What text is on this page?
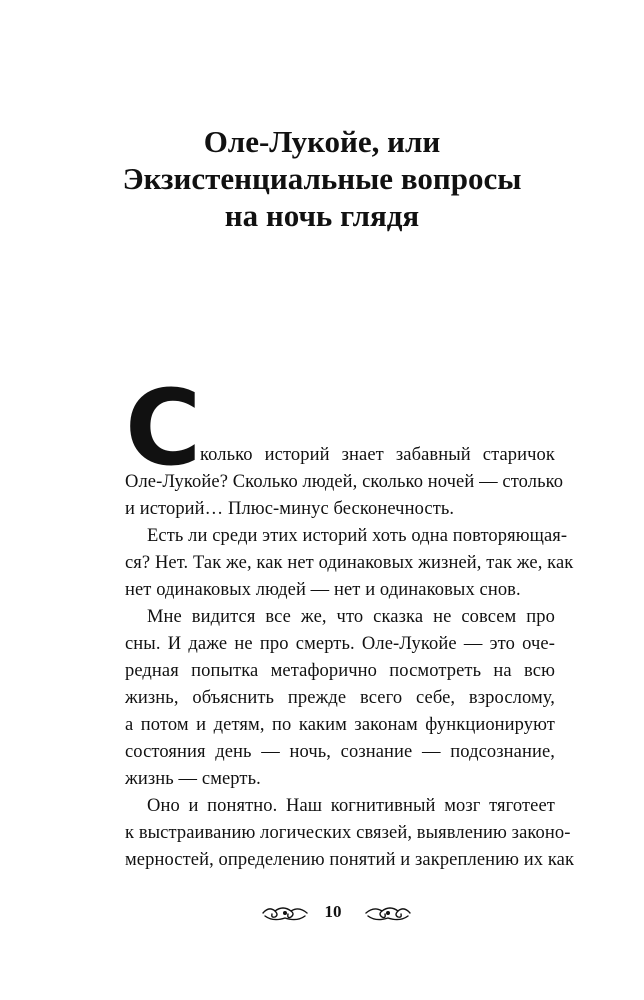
Оле-Лукойе, или
Экзистенциальные вопросы
на ночь глядя
С
колько историй знает забавный старичок
Оле-Лукойе? Сколько людей, сколько ночей — столько
и историй… Плюс-минус бесконечность.
Есть ли среди этих историй хоть одна повторяющая-
ся? Нет. Так же, как нет одинаковых жизней, так же, как
нет одинаковых людей — нет и одинаковых снов.
Мне видится все же, что сказка не совсем про
сны. И даже не про смерть. Оле-Лукойе — это оче-
редная попытка метафорично посмотреть на всю
жизнь, объяснить прежде всего себе, взрослому,
а потом и детям, по каким законам функционируют
состояния день — ночь, сознание — подсознание,
жизнь — смерть.
Оно и понятно. Наш когнитивный мозг тяготеет
к выстраиванию логических связей, выявлению законо-
мерностей, определению понятий и закреплению их как
10
